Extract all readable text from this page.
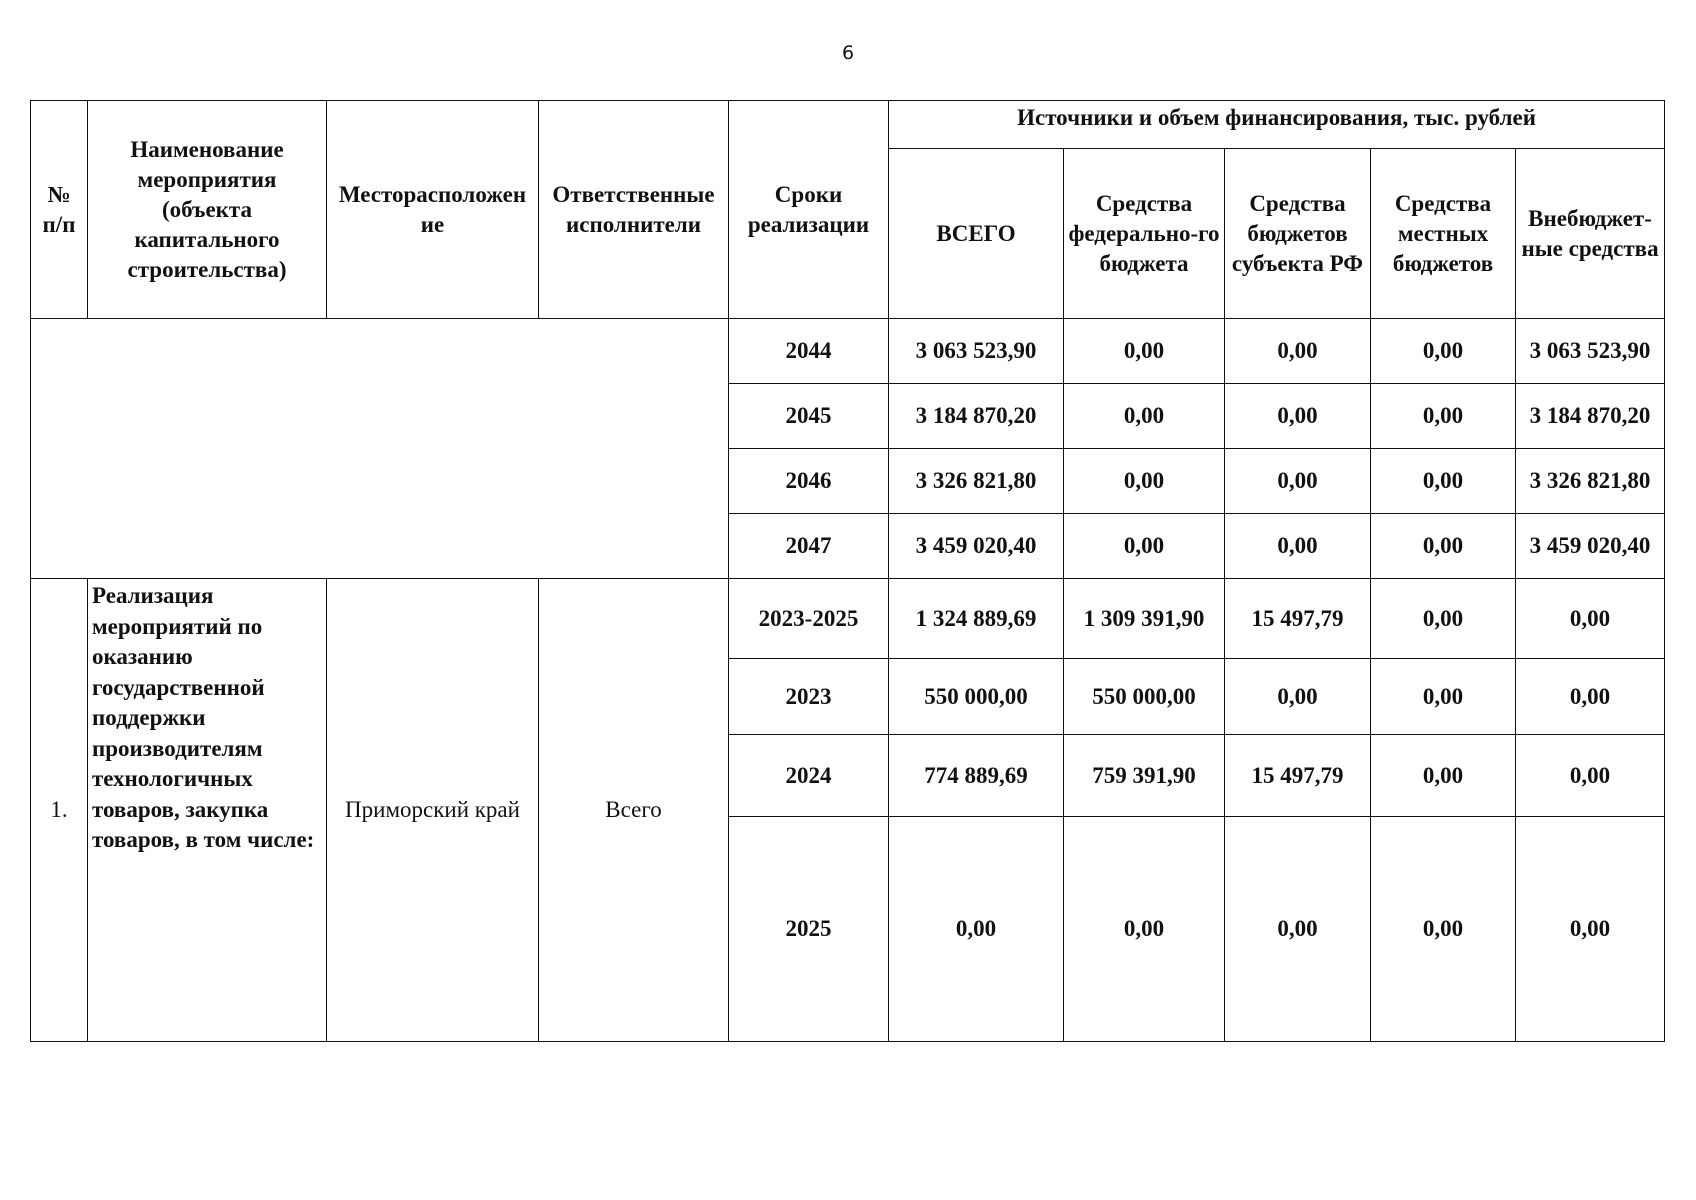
6
№ п/п	Наименование мероприятия (объекта капитального строительства)	Месторасположен ие	Ответственные исполнители	Сроки реализации	Источники и объем финансирования, тыс. рублей				
					ВСЕГО	Средства федерально-го бюджета	Средства бюджетов субъекта РФ	Средства местных бюджетов	Внебюджет-ные средства
				2044	3 063 523,90	0,00	0,00	0,00	3 063 523,90
				2045	3 184 870,20	0,00	0,00	0,00	3 184 870,20
				2046	3 326 821,80	0,00	0,00	0,00	3 326 821,80
				2047	3 459 020,40	0,00	0,00	0,00	3 459 020,40
1.	Реализация мероприятий по оказанию государственной поддержки производителям технологичных товаров, закупка товаров, в том числе:	Приморский край	Всего	2023-2025	1 324 889,69	1 309 391,90	15 497,79	0,00	0,00
				2023	550 000,00	550 000,00	0,00	0,00	0,00
				2024	774 889,69	759 391,90	15 497,79	0,00	0,00
				2025	0,00	0,00	0,00	0,00	0,00
